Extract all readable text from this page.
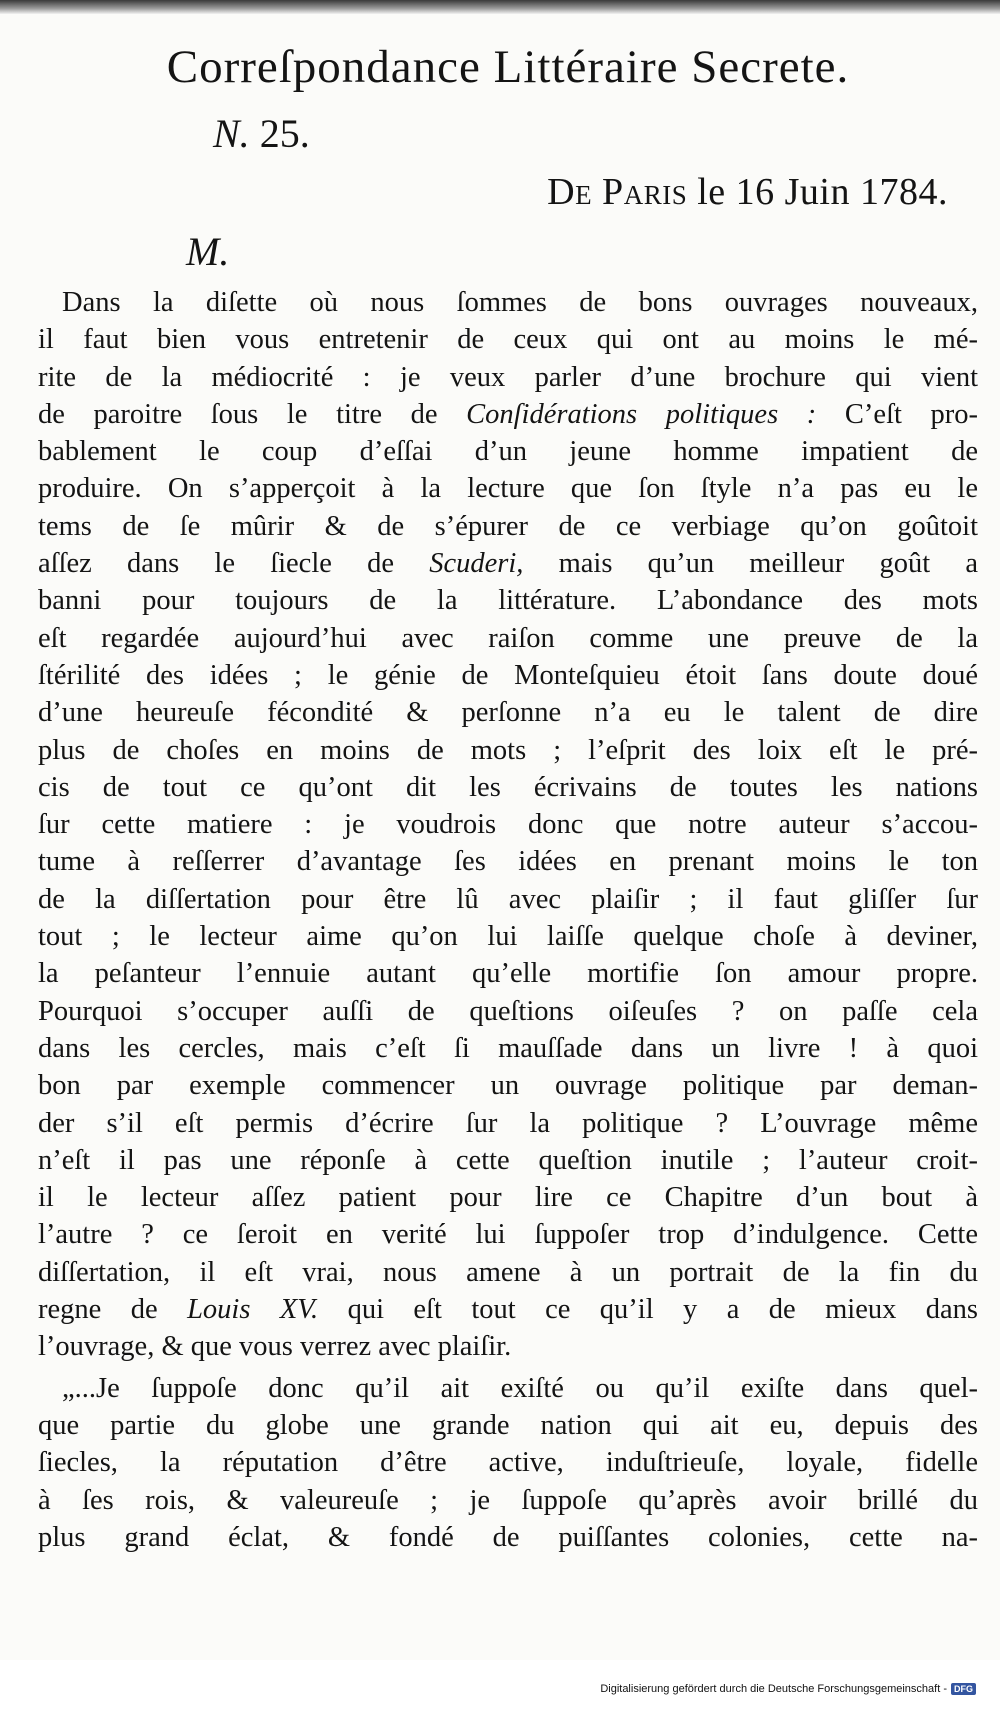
Correſpondance Littéraire Secrete.
N. 25.
De Paris le 16 Juin 1784.
M.
Dans la diſette où nous ſommes de bons ouvrages nouveaux,
il faut bien vous entretenir de ceux qui ont au moins le mé-
rite de la médiocrité : je veux parler d’une brochure qui vient
de paroitre ſous le titre de Conſidérations politiques : C’eſt pro-
bablement le coup d’eſſai d’un jeune homme impatient de
produire. On s’apperçoit à la lecture que ſon ſtyle n’a pas eu le
tems de ſe mûrir & de s’épurer de ce verbiage qu’on goûtoit
aſſez dans le ſiecle de Scuderi, mais qu’un meilleur goût a
banni pour toujours de la littérature. L’abondance des mots
eſt regardée aujourd’hui avec raiſon comme une preuve de la
ſtérilité des idées ; le génie de Monteſquieu étoit ſans doute doué
d’une heureuſe fécondité & perſonne n’a eu le talent de dire
plus de choſes en moins de mots ; l’eſprit des loix eſt le pré-
cis de tout ce qu’ont dit les écrivains de toutes les nations
ſur cette matiere : je voudrois donc que notre auteur s’accou-
tume à reſſerrer d’avantage ſes idées en prenant moins le ton
de la diſſertation pour être lû avec plaiſir ; il faut gliſſer ſur
tout ; le lecteur aime qu’on lui laiſſe quelque choſe à deviner,
la peſanteur l’ennuie autant qu’elle mortifie ſon amour propre.
Pourquoi s’occuper auſſi de queſtions oiſeuſes ? on paſſe cela
dans les cercles, mais c’eſt ſi mauſſade dans un livre ! à quoi
bon par exemple commencer un ouvrage politique par deman-
der s’il eſt permis d’écrire ſur la politique ? L’ouvrage même
n’eſt il pas une réponſe à cette queſtion inutile ; l’auteur croit-
il le lecteur aſſez patient pour lire ce Chapitre d’un bout à
l’autre ? ce ſeroit en verité lui ſuppoſer trop d’indulgence. Cette
diſſertation, il eſt vrai, nous amene à un portrait de la fin du
regne de Louis XV. qui eſt tout ce qu’il y a de mieux dans
l’ouvrage, & que vous verrez avec plaiſir.
„...Je ſuppoſe donc qu’il ait exiſté ou qu’il exiſte dans quel-
que partie du globe une grande nation qui ait eu, depuis des
ſiecles, la réputation d’être active, induſtrieuſe, loyale, fidelle
à ſes rois, & valeureuſe ; je ſuppoſe qu’après avoir brillé du
plus grand éclat, & fondé de puiſſantes colonies, cette na-
Digitalisierung gefördert durch die Deutsche Forschungsgemeinschaft - DFG
